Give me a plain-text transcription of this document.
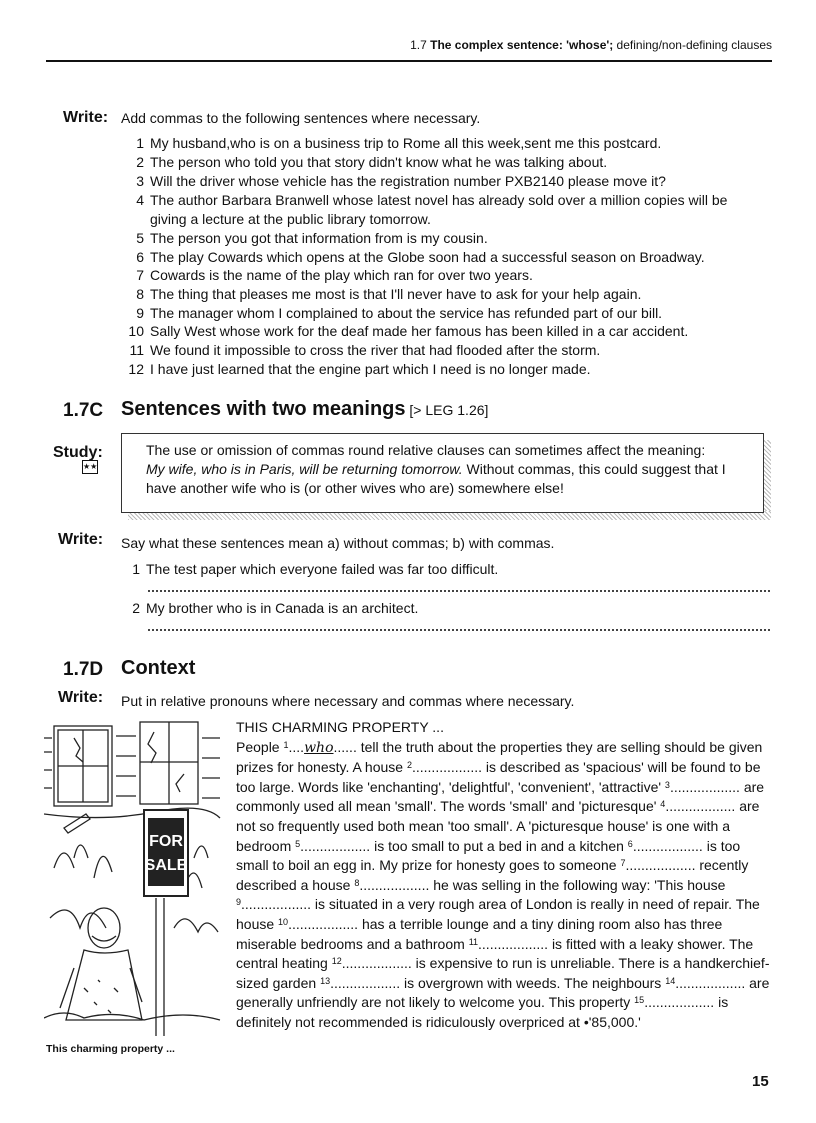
1.7 The complex sentence: 'whose'; defining/non-defining clauses
Write: Add commas to the following sentences where necessary.
1 My husband,who is on a business trip to Rome all this week,sent me this postcard.
2 The person who told you that story didn't know what he was talking about.
3 Will the driver whose vehicle has the registration number PXB2140 please move it?
4 The author Barbara Branwell whose latest novel has already sold over a million copies will be giving a lecture at the public library tomorrow.
5 The person you got that information from is my cousin.
6 The play Cowards which opens at the Globe soon had a successful season on Broadway.
7 Cowards is the name of the play which ran for over two years.
8 The thing that pleases me most is that I'll never have to ask for your help again.
9 The manager whom I complained to about the service has refunded part of our bill.
10 Sally West whose work for the deaf made her famous has been killed in a car accident.
11 We found it impossible to cross the river that had flooded after the storm.
12 I have just learned that the engine part which I need is no longer made.
1.7C Sentences with two meanings [> LEG 1.26]
Study:
★★
The use or omission of commas round relative clauses can sometimes affect the meaning:
My wife, who is in Paris, will be returning tomorrow. Without commas, this could suggest that I have another wife who is (or other wives who are) somewhere else!
Write: Say what these sentences mean a) without commas; b) with commas.
1 The test paper which everyone failed was far too difficult.
2 My brother who is in Canada is an architect.
1.7D Context
Write: Put in relative pronouns where necessary and commas where necessary.
FOR
SALE
This charming property ...
THIS CHARMING PROPERTY ...
People $^1$....who...... tell the truth about the properties they are selling should be given prizes for honesty. A house $^2$.................. is described as 'spacious' will be found to be too large. Words like 'enchanting', 'delightful', 'convenient', 'attractive' $^3$.................. are commonly used all mean 'small'. The words 'small' and 'picturesque' $^4$.................. are not so frequently used both mean 'too small'. A 'picturesque house' is one with a bedroom $^5$.................. is too small to put a bed in and a kitchen $^6$.................. is too small to boil an egg in. My prize for honesty goes to someone $^7$.................. recently described a house $^8$.................. he was selling in the following way: 'This house $^9$.................. is situated in a very rough area of London is really in need of repair. The house $^{10}$.................. has a terrible lounge and a tiny dining room also has three miserable bedrooms and a bathroom $^{11}$.................. is fitted with a leaky shower. The central heating $^{12}$.................. is expensive to run is unreliable. There is a handkerchief-sized garden $^{13}$.................. is overgrown with weeds. The neighbours $^{14}$.................. are generally unfriendly are not likely to welcome you. This property $^{15}$.................. is definitely not recommended is ridiculously overpriced at •'85,000.'
15
